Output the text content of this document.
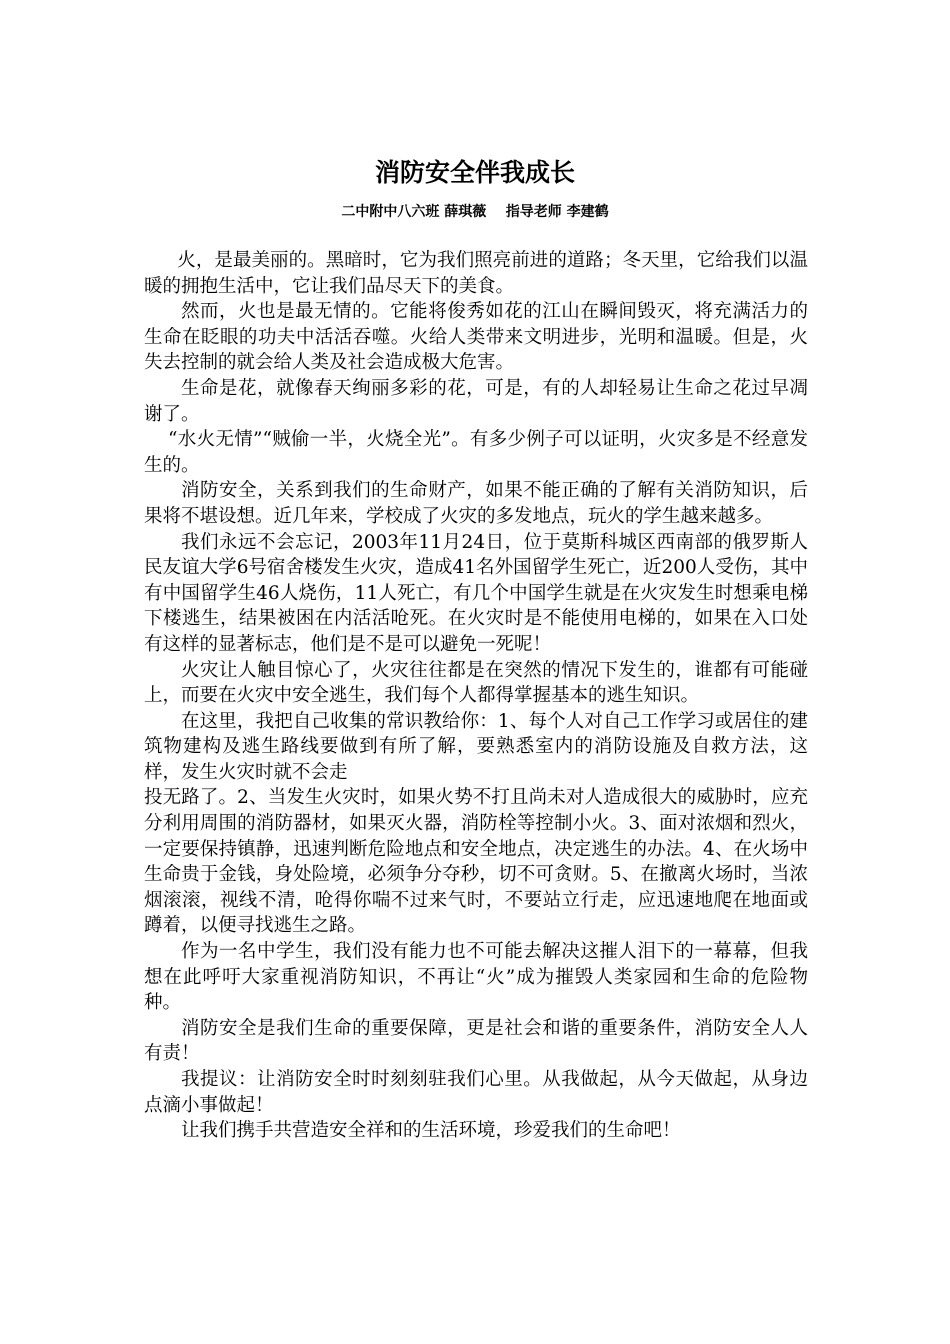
消防安全伴我成长
二中附中八六班 薛琪薇    指导老师 李建鹤

火，是最美丽的。黑暗时，它为我们照亮前进的道路；冬天里，它给我们以温暖的拥抱生活中，它让我们品尽天下的美食。

然而，火也是最无情的。它能将俊秀如花的江山在瞬间毁灭，将充满活力的生命在眨眼的功夫中活活吞噬。火给人类带来文明进步，光明和温暖。但是，火失去控制的就会给人类及社会造成极大危害。

生命是花，就像春天绚丽多彩的花，可是，有的人却轻易让生命之花过早凋谢了。

“水火无情”“贼偷一半，火烧全光”。有多少例子可以证明，火灾多是不经意发生的。

消防安全，关系到我们的生命财产，如果不能正确的了解有关消防知识，后果将不堪设想。近几年来，学校成了火灾的多发地点，玩火的学生越来越多。

我们永远不会忘记，2003年11月24日，位于莫斯科城区西南部的俄罗斯人民友谊大学6号宿舍楼发生火灾，造成41名外国留学生死亡，近200人受伤，其中有中国留学生46人烧伤，11人死亡，有几个中国学生就是在火灾发生时想乘电梯下楼逃生，结果被困在内活活呛死。在火灾时是不能使用电梯的，如果在入口处有这样的显著标志，他们是不是可以避免一死呢！

火灾让人触目惊心了，火灾往往都是在突然的情况下发生的，谁都有可能碰上，而要在火灾中安全逃生，我们每个人都得掌握基本的逃生知识。

在这里，我把自己收集的常识教给你：1、每个人对自己工作学习或居住的建筑物建构及逃生路线要做到有所了解，要熟悉室内的消防设施及自救方法，这样，发生火灾时就不会走

投无路了。2、当发生火灾时，如果火势不打且尚未对人造成很大的威胁时，应充分利用周围的消防器材，如果灭火器，消防栓等控制小火。3、面对浓烟和烈火，一定要保持镇静，迅速判断危险地点和安全地点，决定逃生的办法。4、在火场中生命贵于金钱，身处险境，必须争分夺秒，切不可贪财。5、在撤离火场时，当浓烟滚滚，视线不清，呛得你喘不过来气时，不要站立行走，应迅速地爬在地面或蹲着，以便寻找逃生之路。

作为一名中学生，我们没有能力也不可能去解决这摧人泪下的一幕幕，但我想在此呼吁大家重视消防知识，不再让“火”成为摧毁人类家园和生命的危险物种。

消防安全是我们生命的重要保障，更是社会和谐的重要条件，消防安全人人有责！

我提议：让消防安全时时刻刻驻我们心里。从我做起，从今天做起，从身边点滴小事做起！

让我们携手共营造安全祥和的生活环境，珍爱我们的生命吧！
